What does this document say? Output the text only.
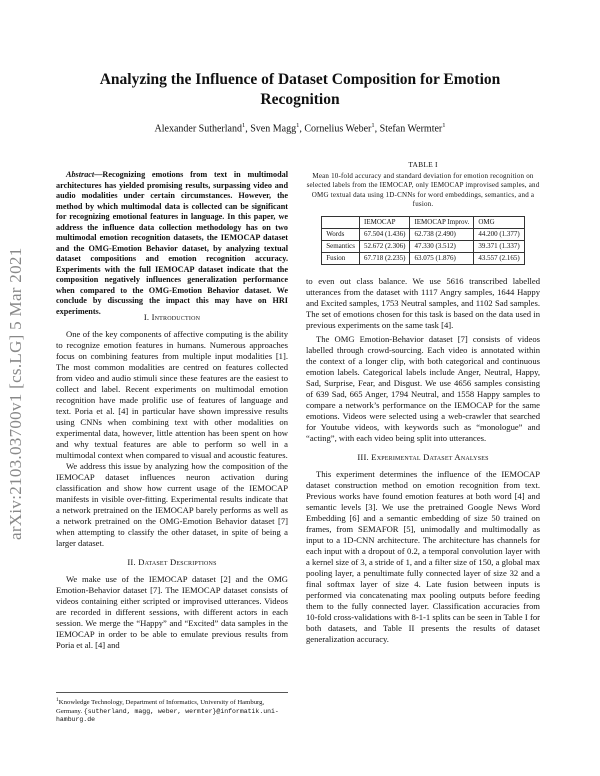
arXiv:2103.03700v1 [cs.LG] 5 Mar 2021
Analyzing the Influence of Dataset Composition for Emotion Recognition
Alexander Sutherland$^1$, Sven Magg$^1$, Cornelius Weber$^1$, Stefan Wermter$^1$
Abstract—Recognizing emotions from text in multimodal architectures has yielded promising results, surpassing video and audio modalities under certain circumstances. However, the method by which multimodal data is collected can be significant for recognizing emotional features in language. In this paper, we address the influence data collection methodology has on two multimodal emotion recognition datasets, the IEMOCAP dataset and the OMG-Emotion Behavior dataset, by analyzing textual dataset compositions and emotion recognition accuracy. Experiments with the full IEMOCAP dataset indicate that the composition negatively influences generalization performance when compared to the OMG-Emotion Behavior dataset. We conclude by discussing the impact this may have on HRI experiments.
I. Introduction

One of the key components of affective computing is the ability to recognize emotion features in humans. Numerous approaches focus on combining features from multiple input modalities [1]. The most common modalities are centred on features collected from video and audio stimuli since these features are the easiest to collect and label. Recent experiments on multimodal emotion recognition have made prolific use of features of language and text. Poria et al. [4] in particular have shown impressive results using CNNs when combining text with other modalities on experimental data, however, little attention has been spent on how and why textual features are able to perform so well in a multimodal context when compared to visual and acoustic features.

We address this issue by analyzing how the composition of the IEMOCAP dataset influences neuron activation during classification and show how current usage of the IEMOCAP manifests in visible over-fitting. Experimental results indicate that a network pretrained on the IEMOCAP barely performs as well as a network pretrained on the OMG-Emotion Behavior dataset [7] when attempting to classify the other dataset, in spite of being a larger dataset.

II. Dataset Descriptions

We make use of the IEMOCAP dataset [2] and the OMG Emotion-Behavior dataset [7]. The IEMOCAP dataset consists of videos containing either scripted or improvised utterances. Videos are recorded in different sessions, with different actors in each session. We merge the “Happy” and “Excited” data samples in the IEMOCAP in order to be able to emulate previous results from Poria et al. [4] and

$^1$Knowledge Technology, Department of Informatics, University of Hamburg, Germany. {sutherland, magg, weber, wermter}@informatik.uni-hamburg.de
TABLE I
Mean 10-fold accuracy and standard deviation for emotion recognition on selected labels from the IEMOCAP, only IEMOCAP improvised samples, and OMG textual data using 1D-CNNs for word embeddings, semantics, and a fusion.
	IEMOCAP	IEMOCAP Improv.	OMG
Words	67.504 (1.436)	62.738 (2.490)	44.200 (1.377)
Semantics	52.672 (2.306)	47.330 (3.512)	39.371 (1.337)
Fusion	67.718 (2.235)	63.075 (1.876)	43.557 (2.165)

to even out class balance. We use 5616 transcribed labelled utterances from the dataset with 1117 Angry samples, 1644 Happy and Excited samples, 1753 Neutral samples, and 1102 Sad samples. The set of emotions chosen for this task is based on the data used in previous experiments on the same task [4].

The OMG Emotion-Behavior dataset [7] consists of videos labelled through crowd-sourcing. Each video is annotated within the context of a longer clip, with both categorical and continuous emotion labels. Categorical labels include Anger, Neutral, Happy, Sad, Surprise, Fear, and Disgust. We use 4656 samples consisting of 639 Sad, 665 Anger, 1794 Neutral, and 1558 Happy samples to compare a network’s performance on the IEMOCAP for the same emotions. Videos were selected using a web-crawler that searched for Youtube videos, with keywords such as “monologue” and “acting”, with each video being split into utterances.

III. Experimental Dataset Analyses

This experiment determines the influence of the IEMOCAP dataset construction method on emotion recognition from text. Previous works have found emotion features at both word [4] and semantic levels [3]. We use the pretrained Google News Word Embedding [6] and a semantic embedding of size 50 trained on frames, from SEMAFOR [5], unimodally and multimodally as input to a 1D-CNN architecture. The architecture has channels for each input with a dropout of 0.2, a temporal convolution layer with a kernel size of 3, a stride of 1, and a filter size of 150, a global max pooling layer, a penultimate fully connected layer of size 32 and a final softmax layer of size 4. Late fusion between inputs is performed via concatenating max pooling outputs before feeding them to the fully connected layer. Classification accuracies from 10-fold cross-validations with 8-1-1 splits can be seen in Table I for both datasets, and Table II presents the results of dataset generalization accuracy.
